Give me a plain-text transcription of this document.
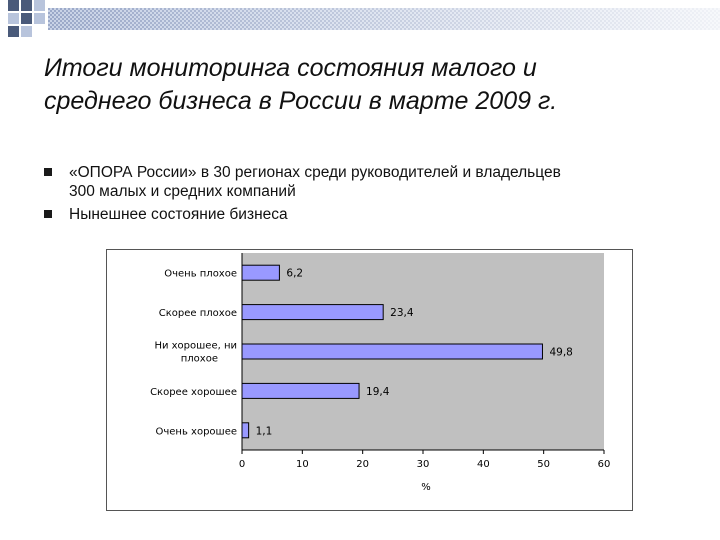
Итоги мониторинга состояния малого и
среднего бизнеса в России в марте 2009 г.
«ОПОРА России» в 30 регионах среди руководителей и владельцев
300 малых и средних компаний
Нынешнее состояние бизнеса
6,2
Очень плохое
23,4
Скорее плохое
49,8
Ни хорошее, ни
плохое
19,4
Скорее хорошее
1,1
Очень хорошее
0	10	20	30	40	50	60
%
